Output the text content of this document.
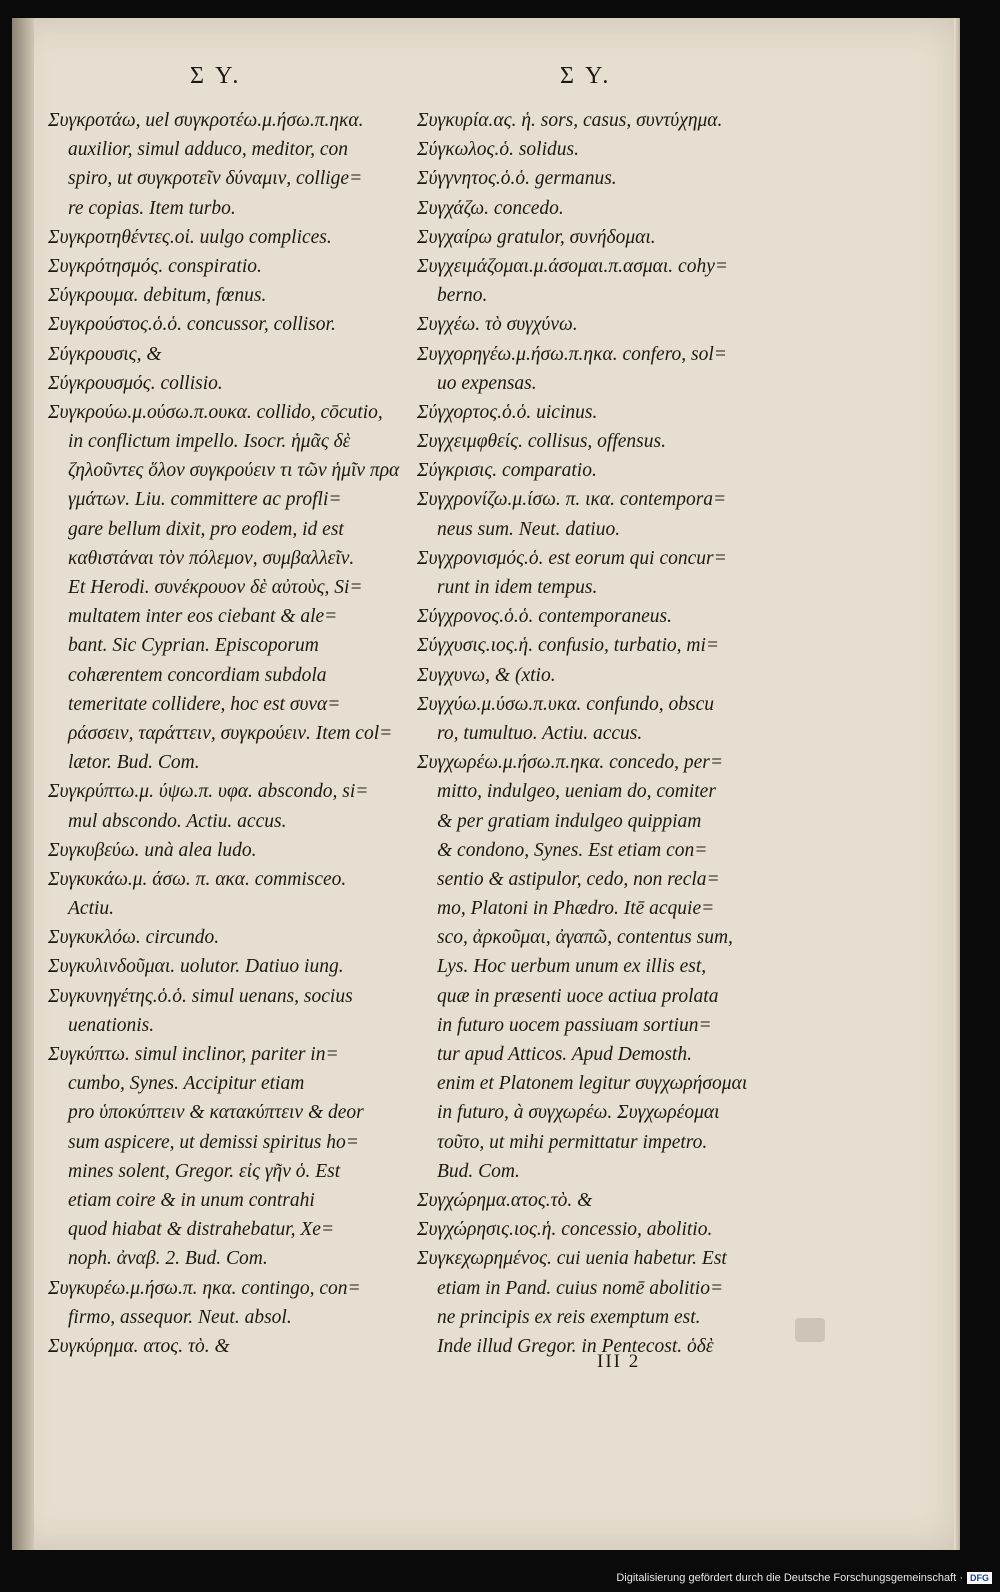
Σ Υ.	Σ Υ.
Συγκροτάω, uel συγκροτέω.μ.ήσω.π.ηκα.
auxilior, simul adduco, meditor, con
spiro, ut συγκροτεῖν δύναμιν, collige=
re copias. Item turbo.
Συγκροτηθέντες.οἱ. uulgo complices.
Συγκρότησμός. conspiratio.
Σύγκρουμα. debitum, fœnus.
Συγκρούστος.ὁ.ὁ. concussor, collisor.
Σύγκρουσις, &
Σύγκρουσμός. collisio.
Συγκρούω.μ.ούσω.π.ουκα. collido, cōcutio,
in conflictum impello. Isocr. ἡμᾶς δὲ
ζηλοῦντες ὅλον συγκρούειν τι τῶν ἡμῖν πρα
γμάτων. Liu. committere ac profli=
gare bellum dixit, pro eodem, id est
καθιστάναι τὸν πόλεμον, συμβαλλεῖν.
Et Herodi. συνέκρουον δὲ αὐτοὺς, Si=
multatem inter eos ciebant & ale=
bant. Sic Cyprian. Episcoporum
cohærentem concordiam subdola
temeritate collidere, hoc est συνα=
ράσσειν, ταράττειν, συγκρούειν. Item col=
lætor. Bud. Com.
Συγκρύπτω.μ. ύψω.π. υφα. abscondo, si=
mul abscondo. Actiu. accus.
Συγκυβεύω. unà alea ludo.
Συγκυκάω.μ. άσω. π. ακα. commisceo.
Actiu.
Συγκυκλόω. circundo.
Συγκυλινδοῦμαι. uolutor. Datiuo iung.
Συγκυνηγέτης.ὁ.ὁ. simul uenans, socius
uenationis.
Συγκύπτω. simul inclinor, pariter in=
cumbo, Synes. Accipitur etiam
pro ὑποκύπτειν & κατακύπτειν & deor
sum aspicere, ut demissi spiritus ho=
mines solent, Gregor. εἰς γῆν ὁ. Est
etiam coire & in unum contrahi
quod hiabat & distrahebatur, Xe=
noph. ἀναβ. 2. Bud. Com.
Συγκυρέω.μ.ήσω.π. ηκα. contingo, con=
firmo, assequor. Neut. absol.
Συγκύρημα. ατος. τὸ. &
Συγκυρία.ας. ἡ. sors, casus, συντύχημα.
Σύγκωλος.ὁ. solidus.
Σύγγνητος.ὁ.ὁ. germanus.
Συγχάζω. concedo.
Συγχαίρω gratulor, συνήδομαι.
Συγχειμάζομαι.μ.άσομαι.π.ασμαι. cohy=
berno.
Συγχέω. τὸ συγχύνω.
Συγχορηγέω.μ.ήσω.π.ηκα. confero, sol=
uo expensas.
Σύγχορτος.ὁ.ὁ. uicinus.
Συγχειμφθείς. collisus, offensus.
Σύγκρισις. comparatio.
Συγχρονίζω.μ.ίσω. π. ικα. contempora=
neus sum. Neut. datiuo.
Συγχρονισμός.ὁ. est eorum qui concur=
runt in idem tempus.
Σύγχρονος.ὁ.ὁ. contemporaneus.
Σύγχυσις.ιος.ἡ. confusio, turbatio, mi=
Συγχυνω, & (xtio.
Συγχύω.μ.ύσω.π.υκα. confundo, obscu
ro, tumultuo. Actiu. accus.
Συγχωρέω.μ.ήσω.π.ηκα. concedo, per=
mitto, indulgeo, ueniam do, comiter
& per gratiam indulgeo quippiam
& condono, Synes. Est etiam con=
sentio & astipulor, cedo, non recla=
mo, Platoni in Phædro. Itē acquie=
sco, ἀρκοῦμαι, ἀγαπῶ, contentus sum,
Lys. Hoc uerbum unum ex illis est,
quæ in præsenti uoce actiua prolata
in futuro uocem passiuam sortiun=
tur apud Atticos. Apud Demosth.
enim et Platonem legitur συγχωρήσομαι
in futuro, à συγχωρέω. Συγχωρέομαι
τοῦτο, ut mihi permittatur impetro.
Bud. Com.
Συγχώρημα.ατος.τὸ. &
Συγχώρησις.ιος.ἡ. concessio, abolitio.
Συγκεχωρημένος. cui uenia habetur. Est
etiam in Pand. cuius nomē abolitio=
ne principis ex reis exemptum est.
Inde illud Gregor. in Pentecost. ὁδὲ
III 2
Digitalisierung gefördert durch die Deutsche Forschungsgemeinschaft · DFG
